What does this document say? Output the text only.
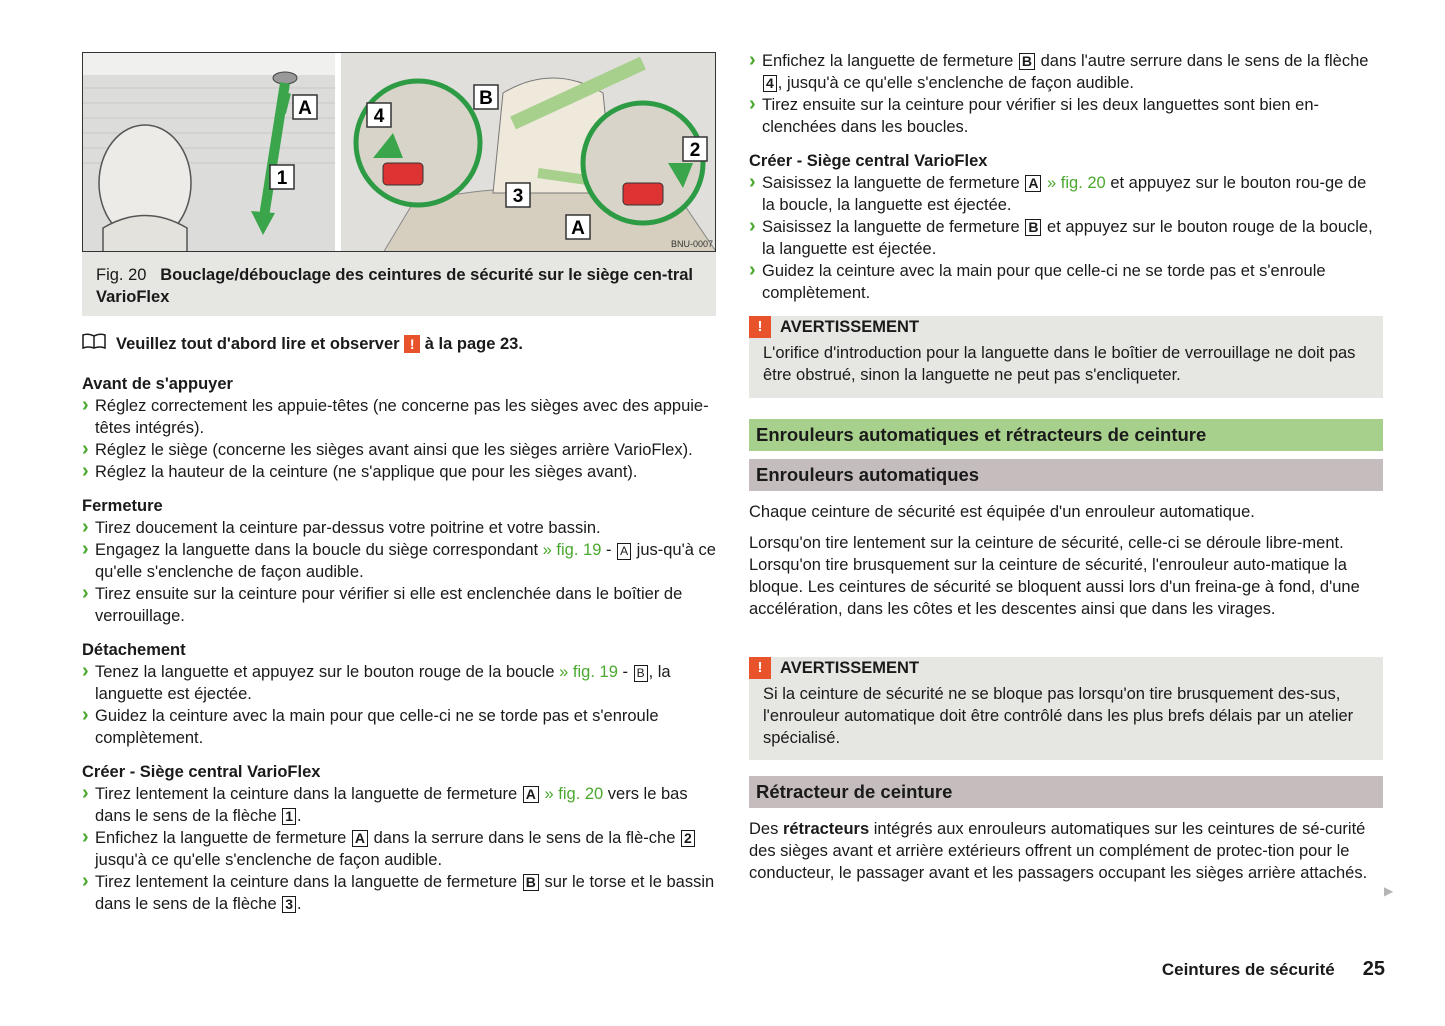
A
1
4
B
3
A
2
BNU-0007
Fig. 20 Bouclage/débouclage des ceintures de sécurité sur le siège cen-tral VarioFlex

Veuillez tout d'abord lire et observer
!
à la page 23.

Avant de s'appuyer

› Réglez correctement les appuie-têtes (ne concerne pas les sièges avec des appuie-têtes intégrés).

› Réglez le siège (concerne les sièges avant ainsi que les sièges arrière VarioFlex).

› Réglez la hauteur de la ceinture (ne s'applique que pour les sièges avant).

Fermeture

› Tirez doucement la ceinture par-dessus votre poitrine et votre bassin.

› Engagez la languette dans la boucle du siège correspondant » fig. 19 - A jus-qu'à ce qu'elle s'enclenche de façon audible.

› Tirez ensuite sur la ceinture pour vérifier si elle est enclenchée dans le boîtier de verrouillage.

Détachement

› Tenez la languette et appuyez sur le bouton rouge de la boucle » fig. 19 - B , la languette est éjectée.

› Guidez la ceinture avec la main pour que celle-ci ne se torde pas et s'enroule complètement.

Créer - Siège central VarioFlex

› Tirez lentement la ceinture dans la languette de fermeture A » fig. 20 vers le bas dans le sens de la flèche 1 .

› Enfichez la languette de fermeture A dans la serrure dans le sens de la flè-che 2 jusqu'à ce qu'elle s'enclenche de façon audible.

› Tirez lentement la ceinture dans la languette de fermeture B sur le torse et le bassin dans le sens de la flèche 3 .

› Enfichez la languette de fermeture B dans l'autre serrure dans le sens de la flèche 4 , jusqu'à ce qu'elle s'enclenche de façon audible.

› Tirez ensuite sur la ceinture pour vérifier si les deux languettes sont bien en-clenchées dans les boucles.

Créer - Siège central VarioFlex

› Saisissez la languette de fermeture A » fig. 20 et appuyez sur le bouton rou-ge de la boucle, la languette est éjectée.

› Saisissez la languette de fermeture B et appuyez sur le bouton rouge de la boucle, la languette est éjectée.

› Guidez la ceinture avec la main pour que celle-ci ne se torde pas et s'enroule complètement.

!	AVERTISSEMENT
L'orifice d'introduction pour la languette dans le boîtier de verrouillage ne doit pas être obstrué, sinon la languette ne peut pas s'encliqueter.
Enrouleurs automatiques et rétracteurs de ceinture
Enrouleurs automatiques

Chaque ceinture de sécurité est équipée d'un enrouleur automatique.

Lorsqu'on tire lentement sur la ceinture de sécurité, celle-ci se déroule libre-ment. Lorsqu'on tire brusquement sur la ceinture de sécurité, l'enrouleur auto-matique la bloque. Les ceintures de sécurité se bloquent aussi lors d'un freina-ge à fond, d'une accélération, dans les côtes et les descentes ainsi que dans les virages.

!	AVERTISSEMENT
Si la ceinture de sécurité ne se bloque pas lorsqu'on tire brusquement des-sus, l'enrouleur automatique doit être contrôlé dans les plus brefs délais par un atelier spécialisé.
Rétracteur de ceinture

Des rétracteurs intégrés aux enrouleurs automatiques sur les ceintures de sé-curité des sièges avant et arrière extérieurs offrent un complément de protec-tion pour le conducteur, le passager avant et les passagers occupant les sièges arrière attachés.

▶
Ceintures de sécurité 25
